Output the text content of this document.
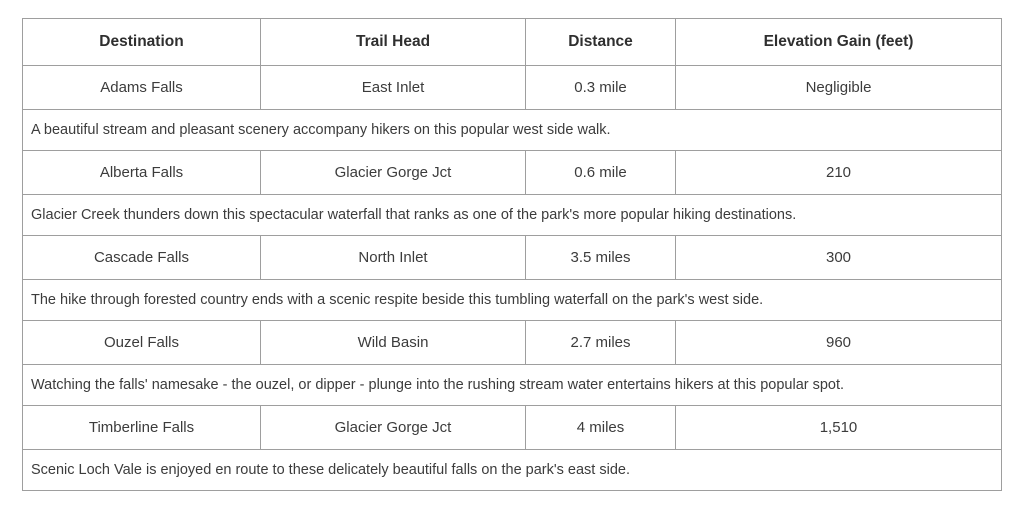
Destination	Trail Head	Distance	Elevation Gain (feet)
Adams Falls	East Inlet	0.3 mile	Negligible
A beautiful stream and pleasant scenery accompany hikers on this popular west side walk.			
Alberta Falls	Glacier Gorge Jct	0.6 mile	210
Glacier Creek thunders down this spectacular waterfall that ranks as one of the park's more popular hiking destinations.			
Cascade Falls	North Inlet	3.5 miles	300
The hike through forested country ends with a scenic respite beside this tumbling waterfall on the park's west side.			
Ouzel Falls	Wild Basin	2.7 miles	960
Watching the falls' namesake - the ouzel, or dipper - plunge into the rushing stream water entertains hikers at this popular spot.			
Timberline Falls	Glacier Gorge Jct	4 miles	1,510
Scenic Loch Vale is enjoyed en route to these delicately beautiful falls on the park's east side.			
